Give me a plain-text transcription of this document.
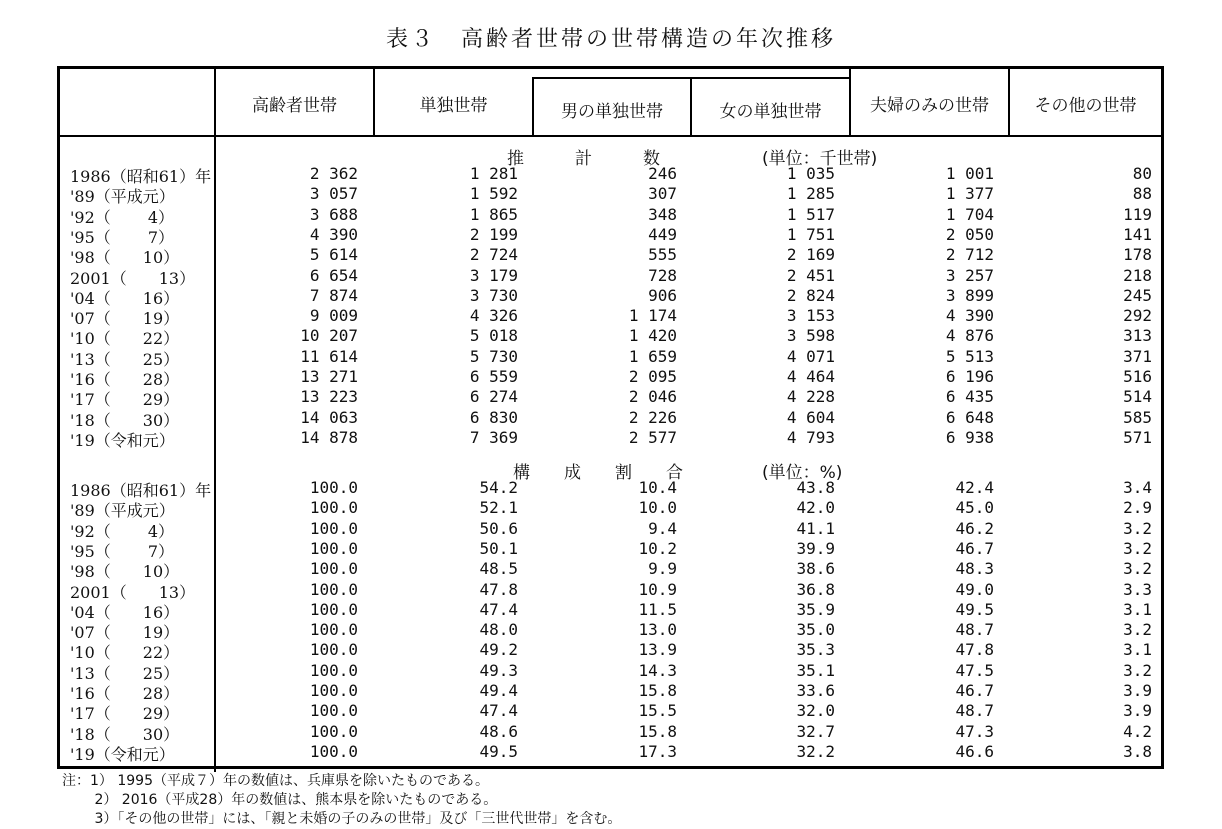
表３　高齢者世帯の世帯構造の年次推移
高齢者世帯	単独世帯	男の単独世帯	女の単独世帯	夫婦のみの世帯	その他の世帯
推　　　計　　　数	(単位：千世帯)
構　　成　　割　　合	(単位：%)
1986（昭和61）年	2 362	1 281	246	1 035	1 001	80
'89（平成元）	3 057	1 592	307	1 285	1 377	88
'92（　　 4）	3 688	1 865	348	1 517	1 704	119
'95（　　 7）	4 390	2 199	449	1 751	2 050	141
'98（　　10）	5 614	2 724	555	2 169	2 712	178
2001（　　13）	6 654	3 179	728	2 451	3 257	218
'04（　　16）	7 874	3 730	906	2 824	3 899	245
'07（　　19）	9 009	4 326	1 174	3 153	4 390	292
'10（　　22）	10 207	5 018	1 420	3 598	4 876	313
'13（　　25）	11 614	5 730	1 659	4 071	5 513	371
'16（　　28）	13 271	6 559	2 095	4 464	6 196	516
'17（　　29）	13 223	6 274	2 046	4 228	6 435	514
'18（　　30）	14 063	6 830	2 226	4 604	6 648	585
'19（令和元）	14 878	7 369	2 577	4 793	6 938	571
1986（昭和61）年	100.0	54.2	10.4	43.8	42.4	3.4
'89（平成元）	100.0	52.1	10.0	42.0	45.0	2.9
'92（　　 4）	100.0	50.6	9.4	41.1	46.2	3.2
'95（　　 7）	100.0	50.1	10.2	39.9	46.7	3.2
'98（　　10）	100.0	48.5	9.9	38.6	48.3	3.2
2001（　　13）	100.0	47.8	10.9	36.8	49.0	3.3
'04（　　16）	100.0	47.4	11.5	35.9	49.5	3.1
'07（　　19）	100.0	48.0	13.0	35.0	48.7	3.2
'10（　　22）	100.0	49.2	13.9	35.3	47.8	3.1
'13（　　25）	100.0	49.3	14.3	35.1	47.5	3.2
'16（　　28）	100.0	49.4	15.8	33.6	46.7	3.9
'17（　　29）	100.0	47.4	15.5	32.0	48.7	3.9
'18（　　30）	100.0	48.6	15.8	32.7	47.3	4.2
'19（令和元）	100.0	49.5	17.3	32.2	46.6	3.8
注：1） 1995（平成７）年の数値は、兵庫県を除いたものである。
　　 2） 2016（平成28）年の数値は、熊本県を除いたものである。
　　 3）「その他の世帯」には、「親と未婚の子のみの世帯」及び「三世代世帯」を含む。
